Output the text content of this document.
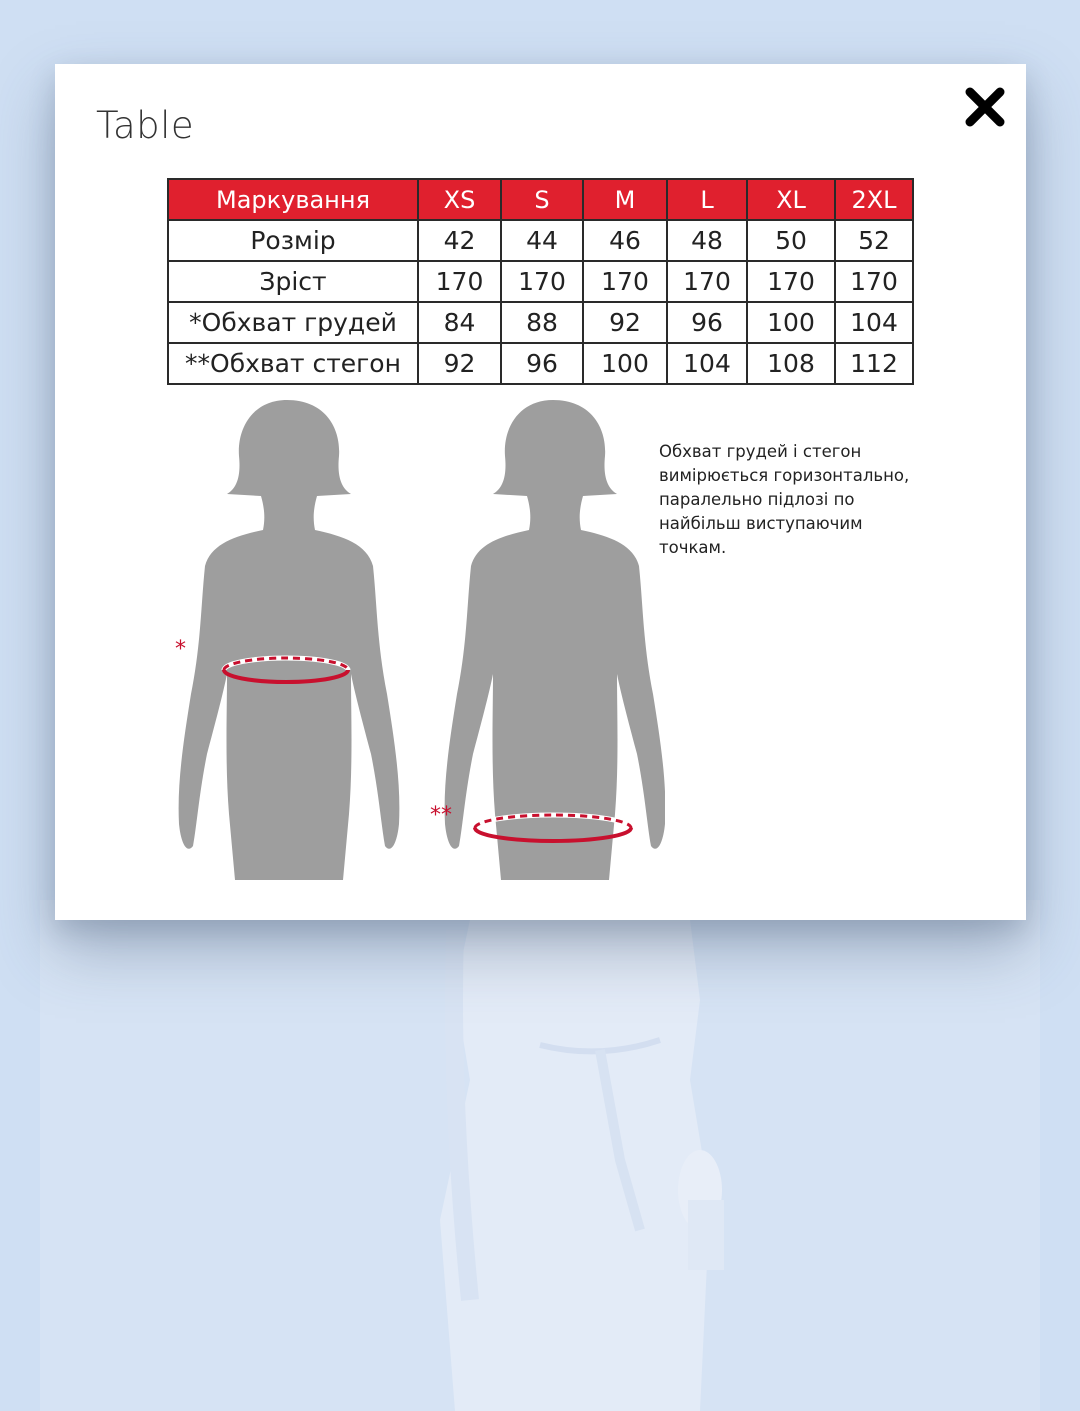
Table
Маркування	XS	S	M	L	XL	2XL
Розмір	42	44	46	48	50	52
Зріст	170	170	170	170	170	170
*Обхват грудей	84	88	92	96	100	104
**Обхват стегон	92	96	100	104	108	112
*
**
Обхват грудей і стегон
вимірюється горизонтально,
паралельно підлозі по
найбільш виступаючим
точкам.
